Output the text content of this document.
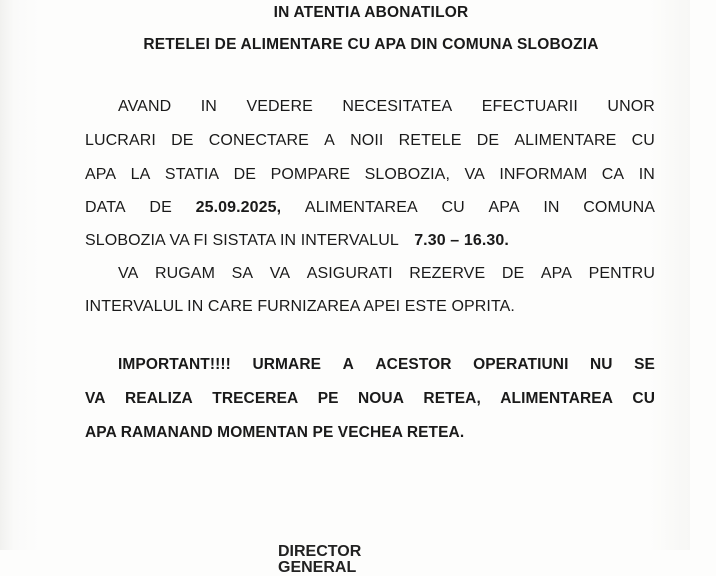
IN ATENTIA ABONATILOR
RETELEI DE ALIMENTARE CU APA DIN COMUNA SLOBOZIA
AVAND IN VEDERE NECESITATEA EFECTUARII UNOR
LUCRARI DE CONECTARE A NOII RETELE DE ALIMENTARE CU
APA LA STATIA DE POMPARE SLOBOZIA, VA INFORMAM CA IN
DATA DE 25.09.2025, ALIMENTAREA CU APA IN COMUNA
SLOBOZIA VA FI SISTATA IN INTERVALUL 7.30 – 16.30.
VA RUGAM SA VA ASIGURATI REZERVE DE APA PENTRU
INTERVALUL IN CARE FURNIZAREA APEI ESTE OPRITA.
IMPORTANT!!!! URMARE A ACESTOR OPERATIUNI NU SE
VA REALIZA TRECEREA PE NOUA RETEA, ALIMENTAREA CU
APA RAMANAND MOMENTAN PE VECHEA RETEA.
DIRECTOR GENERAL
